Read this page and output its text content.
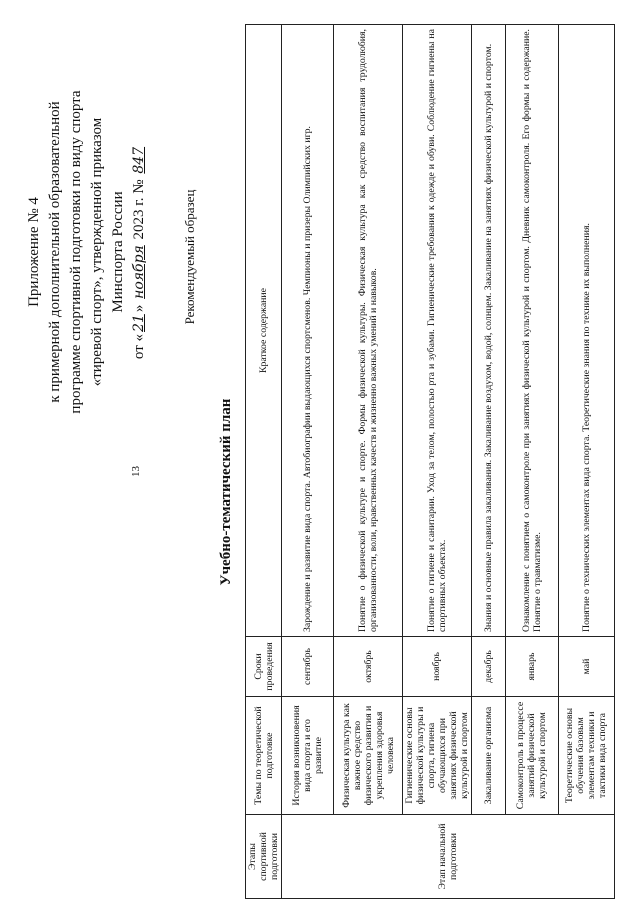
13
Приложение № 4 к примерной дополнительной образовательной программе спортивной подготовки по виду спорта «тиревой спорт», утвержденной приказом Минспорта России
от «21» ноября 2023 г. № 847
Рекомендуемый образец
Учебно-тематический план
Этапы спортивной подготовки	Темы по теоретической подготовке	Сроки проведения	Краткое содержание
Этап начальной подготовки	История возникновения вида спорта и его развитие	сентябрь	Зарождение и развитие вида спорта. Автобиографии выдающихся спортсменов. Чемпионы и призеры Олимпийских игр.
	Физическая культура как важное средство физического развития и укрепления здоровья человека	октябрь	Понятие о физической культуре и спорте. Формы физической культуры. Физическая культура как средство воспитания трудолюбия, организованности, воли, нравственных качеств и жизненно важных умений и навыков.
	Гигиенические основы физической культуры и спорта, гигиена обучающихся при занятиях физической культурой и спортом	ноябрь	Понятие о гигиене и санитарии. Уход за телом, полостью рта и зубами. Гигиенические требования к одежде и обуви. Соблюдение гигиены на спортивных объектах.
	Закаливание организма	декабрь	Знания и основные правила закаливания. Закаливание воздухом, водой, солнцем. Закаливание на занятиях физической культурой и спортом.
	Самоконтроль в процессе занятий физической культурой и спортом	январь	Ознакомление с понятием о самоконтроле при занятиях физической культурой и спортом. Дневник самоконтроля. Его формы и содержание. Понятие о травматизме.
	Теоретические основы обучения базовым элементам техники и тактики вида спорта	май	Понятие о технических элементах вида спорта. Теоретические знания по технике их выполнения.
